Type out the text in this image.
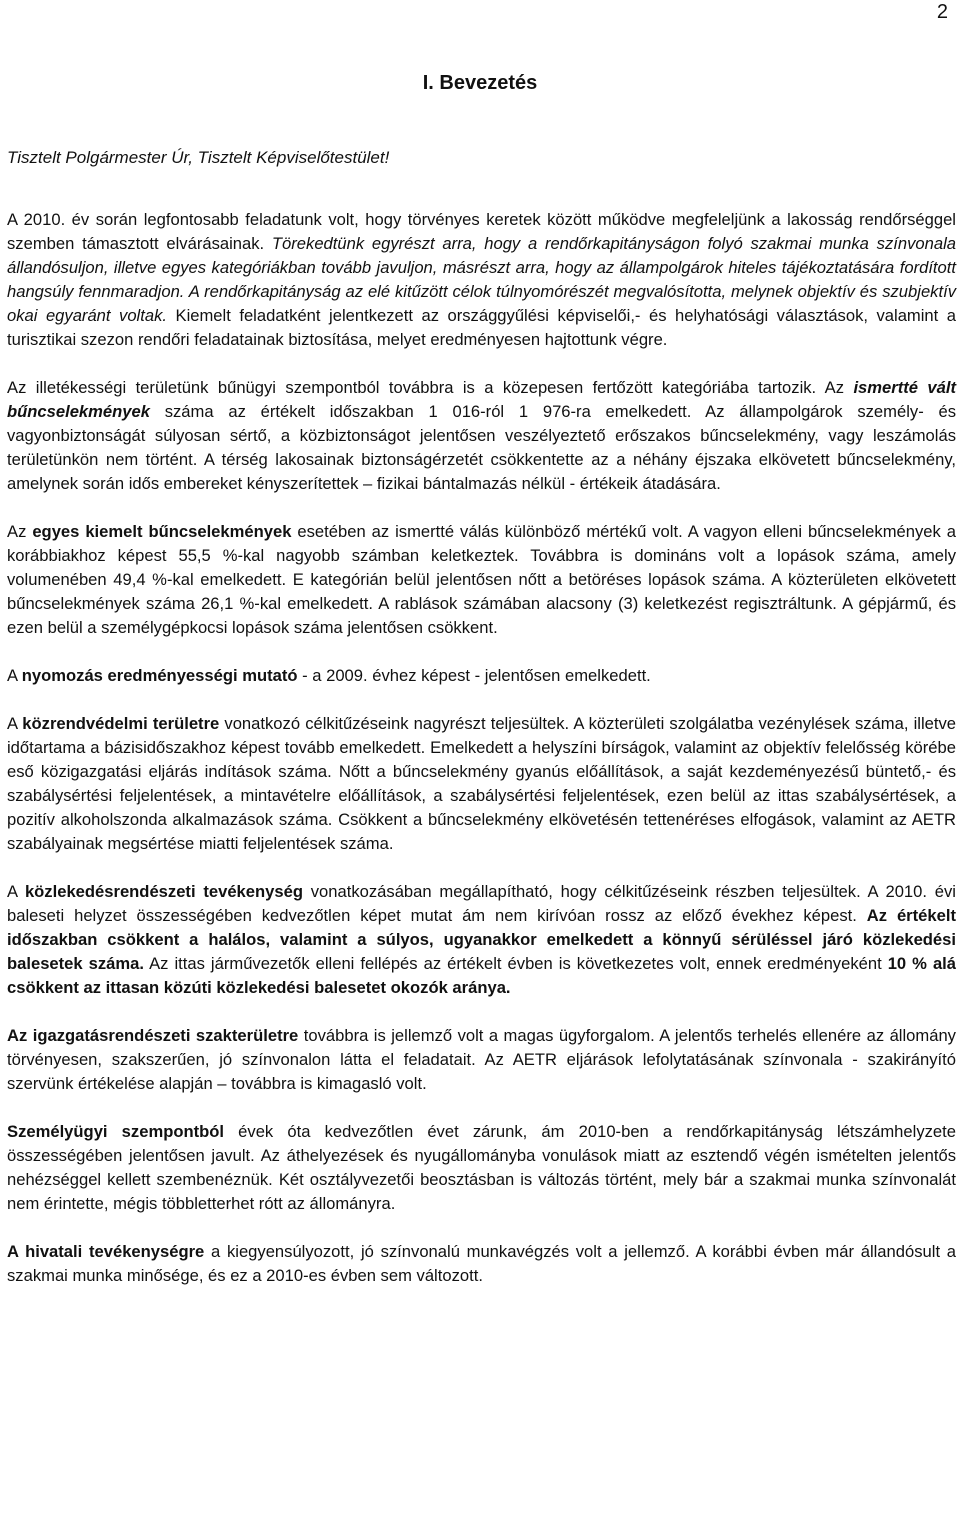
2
I. Bevezetés

Tisztelt Polgármester Úr, Tisztelt Képviselőtestület!

A 2010. év során legfontosabb feladatunk volt, hogy törvényes keretek között működve megfeleljünk a lakosság rendőrséggel szemben támasztott elvárásainak. Törekedtünk egyrészt arra, hogy a rendőrkapitányságon folyó szakmai munka színvonala állandósuljon, illetve egyes kategóriákban tovább javuljon, másrészt arra, hogy az állampolgárok hiteles tájékoztatására fordított hangsúly fennmaradjon. A rendőrkapitányság az elé kitűzött célok túlnyomórészét megvalósította, melynek objektív és szubjektív okai egyaránt voltak. Kiemelt feladatként jelentkezett az országgyűlési képviselői,- és helyhatósági választások, valamint a turisztikai szezon rendőri feladatainak biztosítása, melyet eredményesen hajtottunk végre.

Az illetékességi területünk bűnügyi szempontból továbbra is a közepesen fertőzött kategóriába tartozik. Az ismertté vált bűncselekmények száma az értékelt időszakban 1 016-ról 1 976-ra emelkedett. Az állampolgárok személy- és vagyonbiztonságát súlyosan sértő, a közbiztonságot jelentősen veszélyeztető erőszakos bűncselekmény, vagy leszámolás területünkön nem történt. A térség lakosainak biztonságérzetét csökkentette az a néhány éjszaka elkövetett bűncselekmény, amelynek során idős embereket kényszerítettek – fizikai bántalmazás nélkül - értékeik átadására.

Az egyes kiemelt bűncselekmények esetében az ismertté válás különböző mértékű volt. A vagyon elleni bűncselekmények a korábbiakhoz képest 55,5 %-kal nagyobb számban keletkeztek. Továbbra is domináns volt a lopások száma, amely volumenében 49,4 %-kal emelkedett. E kategórián belül jelentősen nőtt a betöréses lopások száma. A közterületen elkövetett bűncselekmények száma 26,1 %-kal emelkedett. A rablások számában alacsony (3) keletkezést regisztráltunk. A gépjármű, és ezen belül a személygépkocsi lopások száma jelentősen csökkent.

A nyomozás eredményességi mutató - a 2009. évhez képest - jelentősen emelkedett.

A közrendvédelmi területre vonatkozó célkitűzéseink nagyrészt teljesültek. A közterületi szolgálatba vezénylések száma, illetve időtartama a bázisidőszakhoz képest tovább emelkedett. Emelkedett a helyszíni bírságok, valamint az objektív felelősség körébe eső közigazgatási eljárás indítások száma. Nőtt a bűncselekmény gyanús előállítások, a saját kezdeményezésű büntető,- és szabálysértési feljelentések, a mintavételre előállítások, a szabálysértési feljelentések, ezen belül az ittas szabálysértések, a pozitív alkoholszonda alkalmazások száma. Csökkent a bűncselekmény elkövetésén tettenéréses elfogások, valamint az AETR szabályainak megsértése miatti feljelentések száma.

A közlekedésrendészeti tevékenység vonatkozásában megállapítható, hogy célkitűzéseink részben teljesültek. A 2010. évi baleseti helyzet összességében kedvezőtlen képet mutat ám nem kirívóan rossz az előző évekhez képest. Az értékelt időszakban csökkent a halálos, valamint a súlyos, ugyanakkor emelkedett a könnyű sérüléssel járó közlekedési balesetek száma. Az ittas járművezetők elleni fellépés az értékelt évben is következetes volt, ennek eredményeként 10 % alá csökkent az ittasan közúti közlekedési balesetet okozók aránya.

Az igazgatásrendészeti szakterületre továbbra is jellemző volt a magas ügyforgalom. A jelentős terhelés ellenére az állomány törvényesen, szakszerűen, jó színvonalon látta el feladatait. Az AETR eljárások lefolytatásának színvonala - szakirányító szervünk értékelése alapján – továbbra is kimagasló volt.

Személyügyi szempontból évek óta kedvezőtlen évet zárunk, ám 2010-ben a rendőrkapitányság létszámhelyzete összességében jelentősen javult. Az áthelyezések és nyugállományba vonulások miatt az esztendő végén ismételten jelentős nehézséggel kellett szembenéznük. Két osztályvezetői beosztásban is változás történt, mely bár a szakmai munka színvonalát nem érintette, mégis többletterhet rótt az állományra.

A hivatali tevékenységre a kiegyensúlyozott, jó színvonalú munkavégzés volt a jellemző. A korábbi évben már állandósult a szakmai munka minősége, és ez a 2010-es évben sem változott.
